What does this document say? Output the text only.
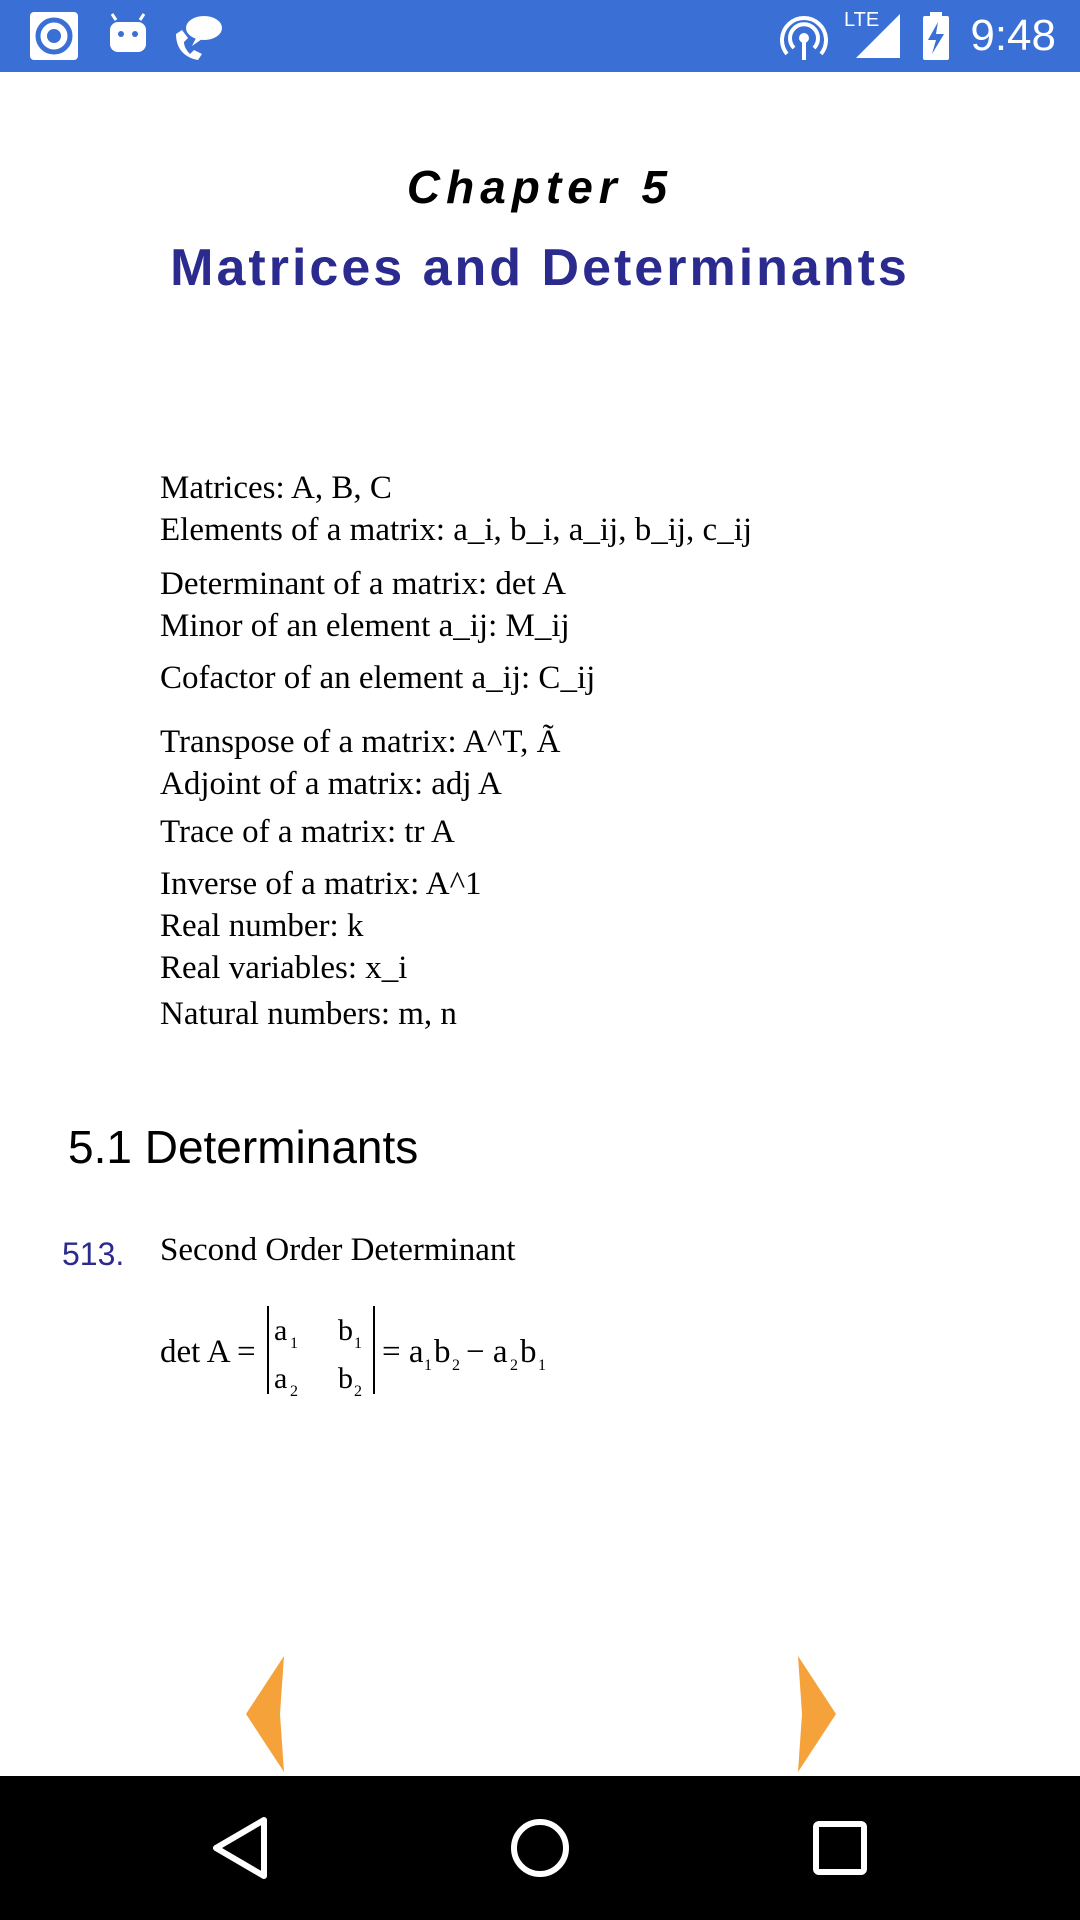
LTE 9:48
Chapter 5
Matrices and Determinants
Matrices: A, B, C
Elements of a matrix: a_i, b_i, a_ij, b_ij, c_ij
Determinant of a matrix: det A
Minor of an element a_ij: M_ij
Cofactor of an element a_ij: C_ij
Transpose of a matrix: A^T, Ã
Adjoint of a matrix: adj A
Trace of a matrix: tr A
Inverse of a matrix: A^1
Real number: k
Real variables: x_i
Natural numbers: m, n
5.1 Determinants
513. Second Order Determinant
det A =
a 1 b 1
a 2 b 2
= a 1 b 2 − a 2 b 1
